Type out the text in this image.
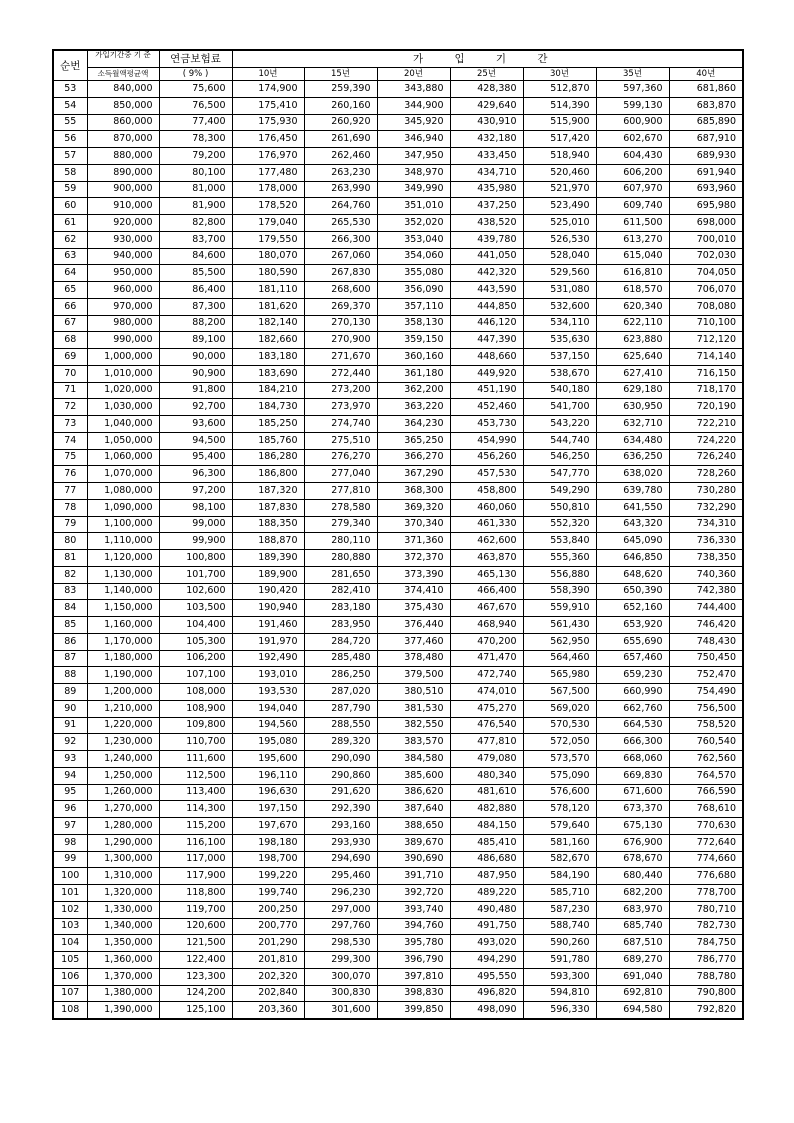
순번	가입기간중 기 준	연금보험료	가 입 기 간						
	소득월액평균액	( 9% )	10년	15년	20년	25년	30년	35년	40년
53	840,000	75,600	174,900	259,390	343,880	428,380	512,870	597,360	681,860
54	850,000	76,500	175,410	260,160	344,900	429,640	514,390	599,130	683,870
55	860,000	77,400	175,930	260,920	345,920	430,910	515,900	600,900	685,890
56	870,000	78,300	176,450	261,690	346,940	432,180	517,420	602,670	687,910
57	880,000	79,200	176,970	262,460	347,950	433,450	518,940	604,430	689,930
58	890,000	80,100	177,480	263,230	348,970	434,710	520,460	606,200	691,940
59	900,000	81,000	178,000	263,990	349,990	435,980	521,970	607,970	693,960
60	910,000	81,900	178,520	264,760	351,010	437,250	523,490	609,740	695,980
61	920,000	82,800	179,040	265,530	352,020	438,520	525,010	611,500	698,000
62	930,000	83,700	179,550	266,300	353,040	439,780	526,530	613,270	700,010
63	940,000	84,600	180,070	267,060	354,060	441,050	528,040	615,040	702,030
64	950,000	85,500	180,590	267,830	355,080	442,320	529,560	616,810	704,050
65	960,000	86,400	181,110	268,600	356,090	443,590	531,080	618,570	706,070
66	970,000	87,300	181,620	269,370	357,110	444,850	532,600	620,340	708,080
67	980,000	88,200	182,140	270,130	358,130	446,120	534,110	622,110	710,100
68	990,000	89,100	182,660	270,900	359,150	447,390	535,630	623,880	712,120
69	1,000,000	90,000	183,180	271,670	360,160	448,660	537,150	625,640	714,140
70	1,010,000	90,900	183,690	272,440	361,180	449,920	538,670	627,410	716,150
71	1,020,000	91,800	184,210	273,200	362,200	451,190	540,180	629,180	718,170
72	1,030,000	92,700	184,730	273,970	363,220	452,460	541,700	630,950	720,190
73	1,040,000	93,600	185,250	274,740	364,230	453,730	543,220	632,710	722,210
74	1,050,000	94,500	185,760	275,510	365,250	454,990	544,740	634,480	724,220
75	1,060,000	95,400	186,280	276,270	366,270	456,260	546,250	636,250	726,240
76	1,070,000	96,300	186,800	277,040	367,290	457,530	547,770	638,020	728,260
77	1,080,000	97,200	187,320	277,810	368,300	458,800	549,290	639,780	730,280
78	1,090,000	98,100	187,830	278,580	369,320	460,060	550,810	641,550	732,290
79	1,100,000	99,000	188,350	279,340	370,340	461,330	552,320	643,320	734,310
80	1,110,000	99,900	188,870	280,110	371,360	462,600	553,840	645,090	736,330
81	1,120,000	100,800	189,390	280,880	372,370	463,870	555,360	646,850	738,350
82	1,130,000	101,700	189,900	281,650	373,390	465,130	556,880	648,620	740,360
83	1,140,000	102,600	190,420	282,410	374,410	466,400	558,390	650,390	742,380
84	1,150,000	103,500	190,940	283,180	375,430	467,670	559,910	652,160	744,400
85	1,160,000	104,400	191,460	283,950	376,440	468,940	561,430	653,920	746,420
86	1,170,000	105,300	191,970	284,720	377,460	470,200	562,950	655,690	748,430
87	1,180,000	106,200	192,490	285,480	378,480	471,470	564,460	657,460	750,450
88	1,190,000	107,100	193,010	286,250	379,500	472,740	565,980	659,230	752,470
89	1,200,000	108,000	193,530	287,020	380,510	474,010	567,500	660,990	754,490
90	1,210,000	108,900	194,040	287,790	381,530	475,270	569,020	662,760	756,500
91	1,220,000	109,800	194,560	288,550	382,550	476,540	570,530	664,530	758,520
92	1,230,000	110,700	195,080	289,320	383,570	477,810	572,050	666,300	760,540
93	1,240,000	111,600	195,600	290,090	384,580	479,080	573,570	668,060	762,560
94	1,250,000	112,500	196,110	290,860	385,600	480,340	575,090	669,830	764,570
95	1,260,000	113,400	196,630	291,620	386,620	481,610	576,600	671,600	766,590
96	1,270,000	114,300	197,150	292,390	387,640	482,880	578,120	673,370	768,610
97	1,280,000	115,200	197,670	293,160	388,650	484,150	579,640	675,130	770,630
98	1,290,000	116,100	198,180	293,930	389,670	485,410	581,160	676,900	772,640
99	1,300,000	117,000	198,700	294,690	390,690	486,680	582,670	678,670	774,660
100	1,310,000	117,900	199,220	295,460	391,710	487,950	584,190	680,440	776,680
101	1,320,000	118,800	199,740	296,230	392,720	489,220	585,710	682,200	778,700
102	1,330,000	119,700	200,250	297,000	393,740	490,480	587,230	683,970	780,710
103	1,340,000	120,600	200,770	297,760	394,760	491,750	588,740	685,740	782,730
104	1,350,000	121,500	201,290	298,530	395,780	493,020	590,260	687,510	784,750
105	1,360,000	122,400	201,810	299,300	396,790	494,290	591,780	689,270	786,770
106	1,370,000	123,300	202,320	300,070	397,810	495,550	593,300	691,040	788,780
107	1,380,000	124,200	202,840	300,830	398,830	496,820	594,810	692,810	790,800
108	1,390,000	125,100	203,360	301,600	399,850	498,090	596,330	694,580	792,820
